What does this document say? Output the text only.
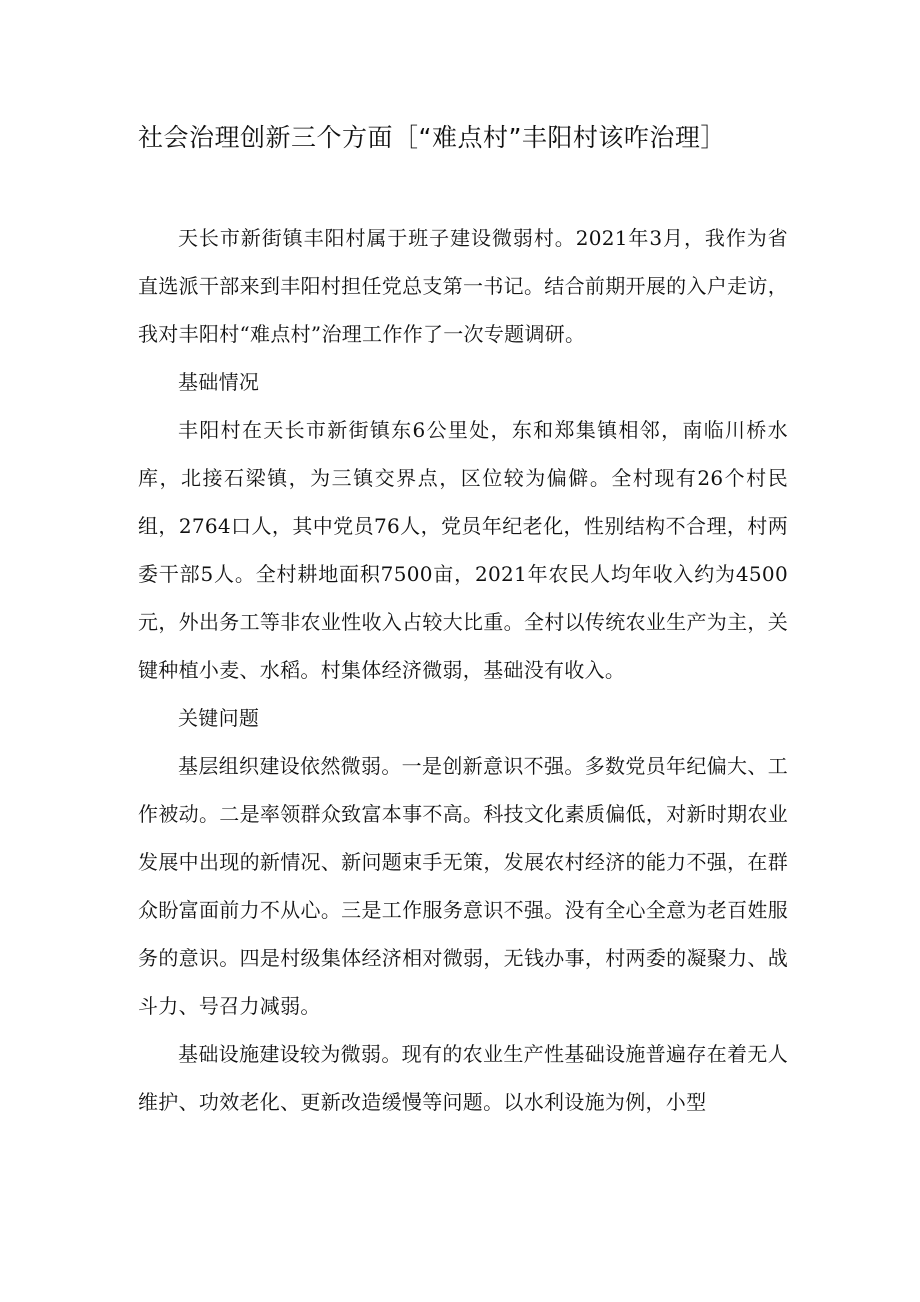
社会治理创新三个方面［“难点村”丰阳村该咋治理］

天长市新街镇丰阳村属于班子建设微弱村。2021年3月，我作为省直选派干部来到丰阳村担任党总支第一书记。结合前期开展的入户走访，我对丰阳村“难点村”治理工作作了一次专题调研。

基础情况

丰阳村在天长市新街镇东6公里处，东和郑集镇相邻，南临川桥水库，北接石梁镇，为三镇交界点，区位较为偏僻。全村现有26个村民组，2764口人，其中党员76人，党员年纪老化，性别结构不合理，村两委干部5人。全村耕地面积7500亩，2021年农民人均年收入约为4500元，外出务工等非农业性收入占较大比重。全村以传统农业生产为主，关键种植小麦、水稻。村集体经济微弱，基础没有收入。

关键问题

基层组织建设依然微弱。一是创新意识不强。多数党员年纪偏大、工作被动。二是率领群众致富本事不高。科技文化素质偏低，对新时期农业发展中出现的新情况、新问题束手无策，发展农村经济的能力不强，在群众盼富面前力不从心。三是工作服务意识不强。没有全心全意为老百姓服务的意识。四是村级集体经济相对微弱，无钱办事，村两委的凝聚力、战斗力、号召力减弱。

基础设施建设较为微弱。现有的农业生产性基础设施普遍存在着无人维护、功效老化、更新改造缓慢等问题。以水利设施为例，小型
